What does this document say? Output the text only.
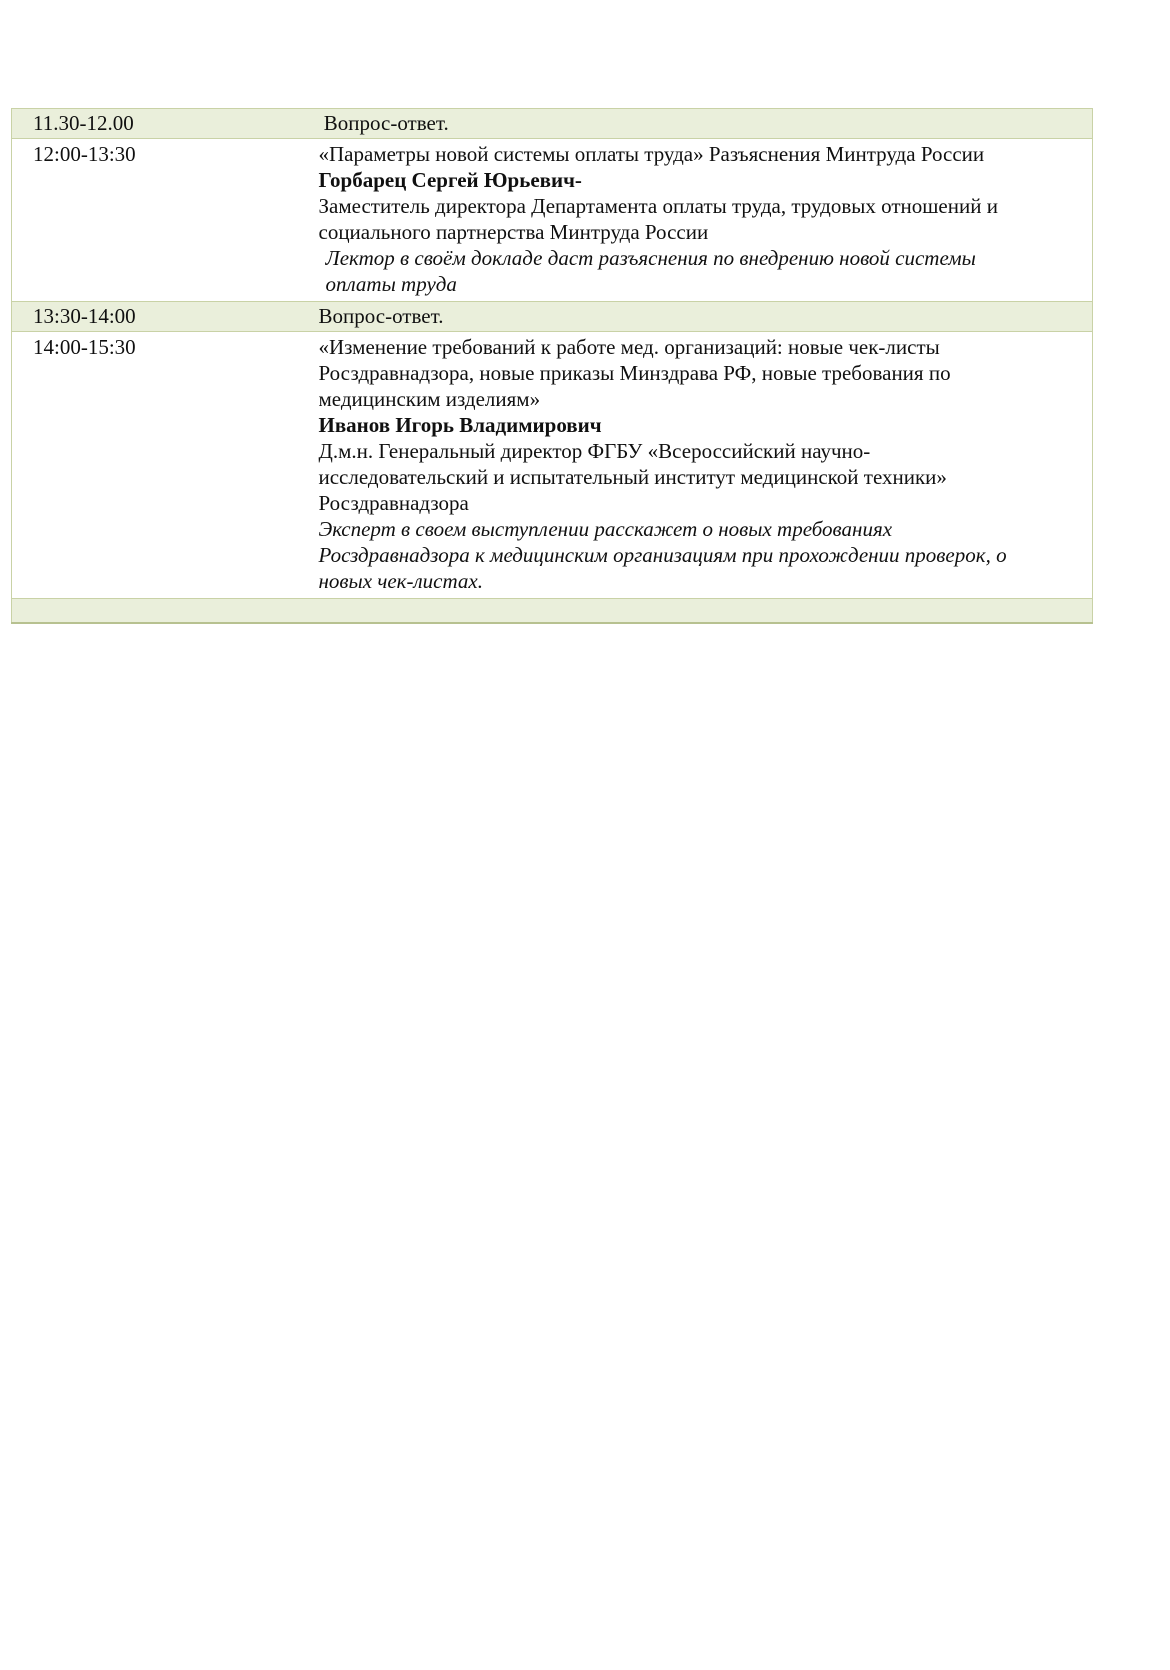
11.30-12.00	Вопрос-ответ.
12:00-13:30	«Параметры новой системы оплаты труда» Разъяснения Минтруда России
Горбарец Сергей Юрьевич-
Заместитель директора Департамента оплаты труда, трудовых отношений и
социального партнерства Минтруда России
Лектор в своём докладе даст разъяснения по внедрению новой системы
оплаты труда

13:30-14:00	Вопрос-ответ.
14:00-15:30	«Изменение требований к работе мед. организаций: новые чек-листы
Росздравнадзора, новые приказы Минздрава РФ, новые требования по
медицинским изделиям»
Иванов Игорь Владимирович
Д.м.н. Генеральный директор ФГБУ «Всероссийский научно-
исследовательский и испытательный институт медицинской техники»
Росздравнадзора
Эксперт в своем выступлении расскажет о новых требованиях
Росздравнадзора к медицинским организациям при прохождении проверок, о
новых чек-листах.
